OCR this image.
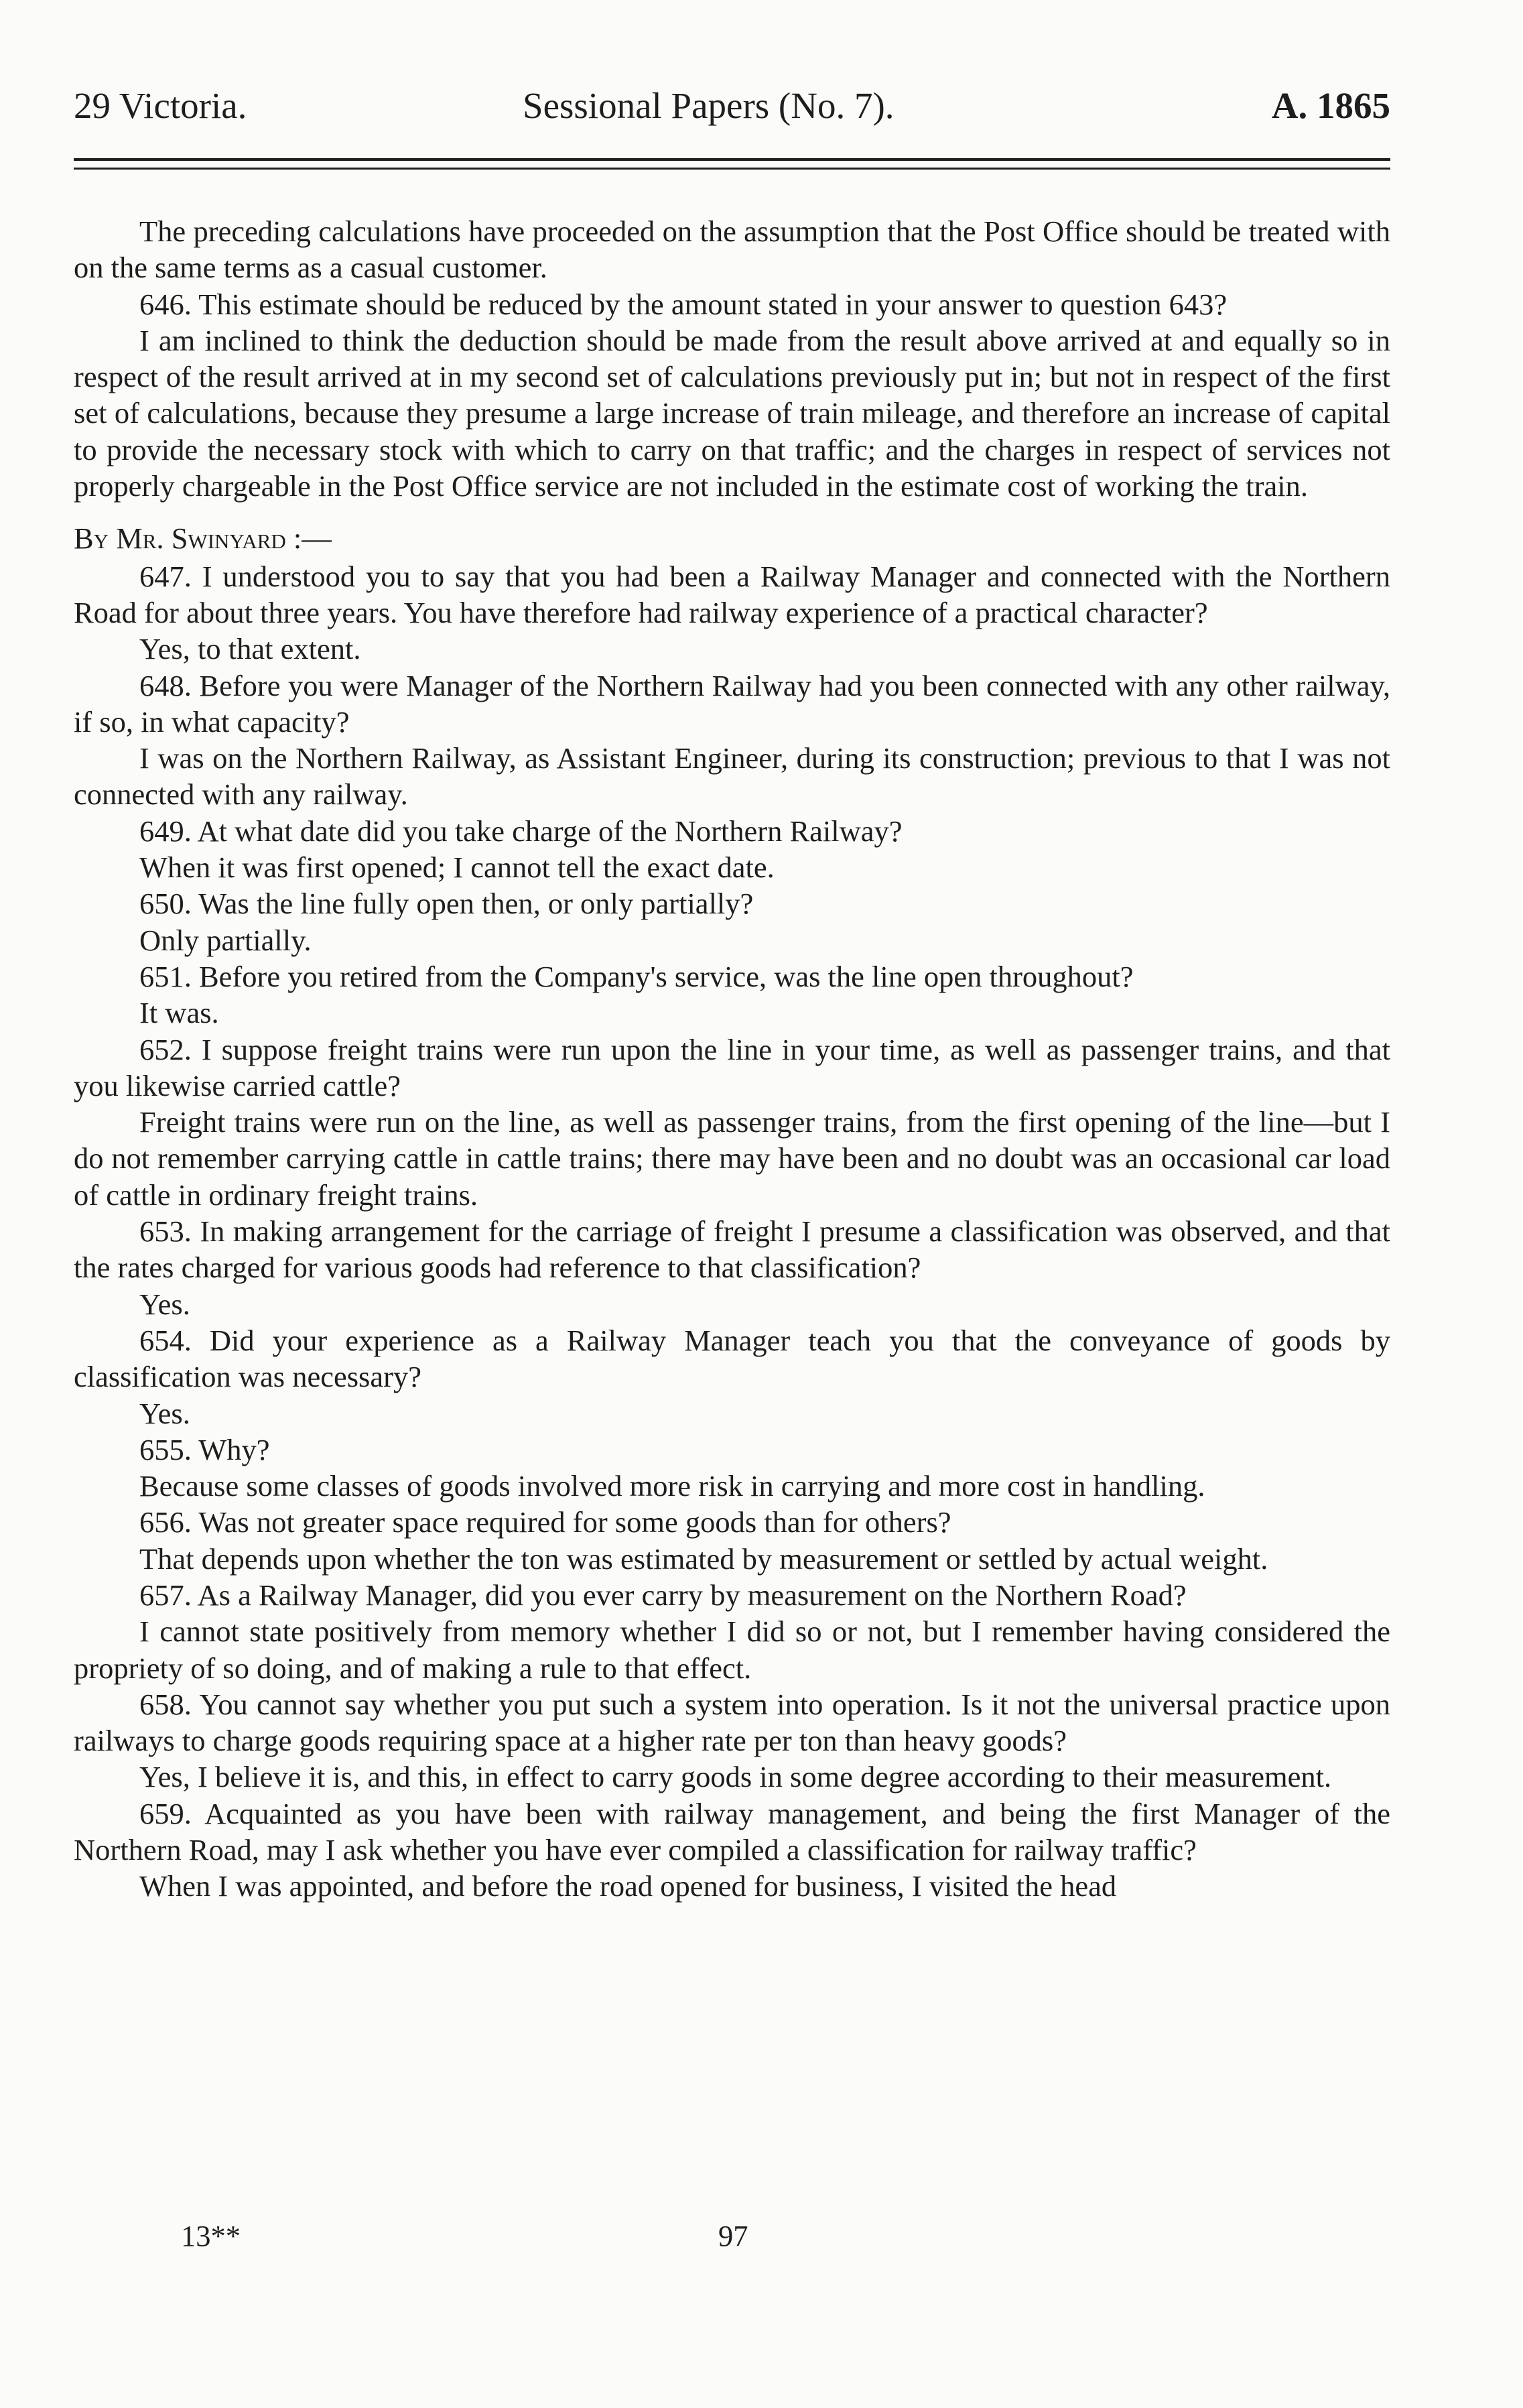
29 Victoria.	Sessional Papers (No. 7).	A. 1865

The preceding calculations have proceeded on the assumption that the Post Office should be treated with on the same terms as a casual customer.

646. This estimate should be reduced by the amount stated in your answer to question 643?

I am inclined to think the deduction should be made from the result above arrived at and equally so in respect of the result arrived at in my second set of calculations previously put in; but not in respect of the first set of calculations, because they presume a large increase of train mileage, and therefore an increase of capital to provide the necessary stock with which to carry on that traffic; and the charges in respect of services not properly chargeable in the Post Office service are not included in the estimate cost of working the train.

By Mr. Swinyard :—

647. I understood you to say that you had been a Railway Manager and connected with the Northern Road for about three years. You have therefore had railway experience of a practical character?

Yes, to that extent.

648. Before you were Manager of the Northern Railway had you been connected with any other railway, if so, in what capacity?

I was on the Northern Railway, as Assistant Engineer, during its construction; previous to that I was not connected with any railway.

649. At what date did you take charge of the Northern Railway?

When it was first opened; I cannot tell the exact date.

650. Was the line fully open then, or only partially?

Only partially.

651. Before you retired from the Company's service, was the line open throughout?

It was.

652. I suppose freight trains were run upon the line in your time, as well as passenger trains, and that you likewise carried cattle?

Freight trains were run on the line, as well as passenger trains, from the first opening of the line—but I do not remember carrying cattle in cattle trains; there may have been and no doubt was an occasional car load of cattle in ordinary freight trains.

653. In making arrangement for the carriage of freight I presume a classification was observed, and that the rates charged for various goods had reference to that classification?

Yes.

654. Did your experience as a Railway Manager teach you that the conveyance of goods by classification was necessary?

Yes.

655. Why?

Because some classes of goods involved more risk in carrying and more cost in handling.

656. Was not greater space required for some goods than for others?

That depends upon whether the ton was estimated by measurement or settled by actual weight.

657. As a Railway Manager, did you ever carry by measurement on the Northern Road?

I cannot state positively from memory whether I did so or not, but I remember having considered the propriety of so doing, and of making a rule to that effect.

658. You cannot say whether you put such a system into operation. Is it not the universal practice upon railways to charge goods requiring space at a higher rate per ton than heavy goods?

Yes, I believe it is, and this, in effect to carry goods in some degree according to their measurement.

659. Acquainted as you have been with railway management, and being the first Manager of the Northern Road, may I ask whether you have ever compiled a classification for railway traffic?

When I was appointed, and before the road opened for business, I visited the head

13**	97
